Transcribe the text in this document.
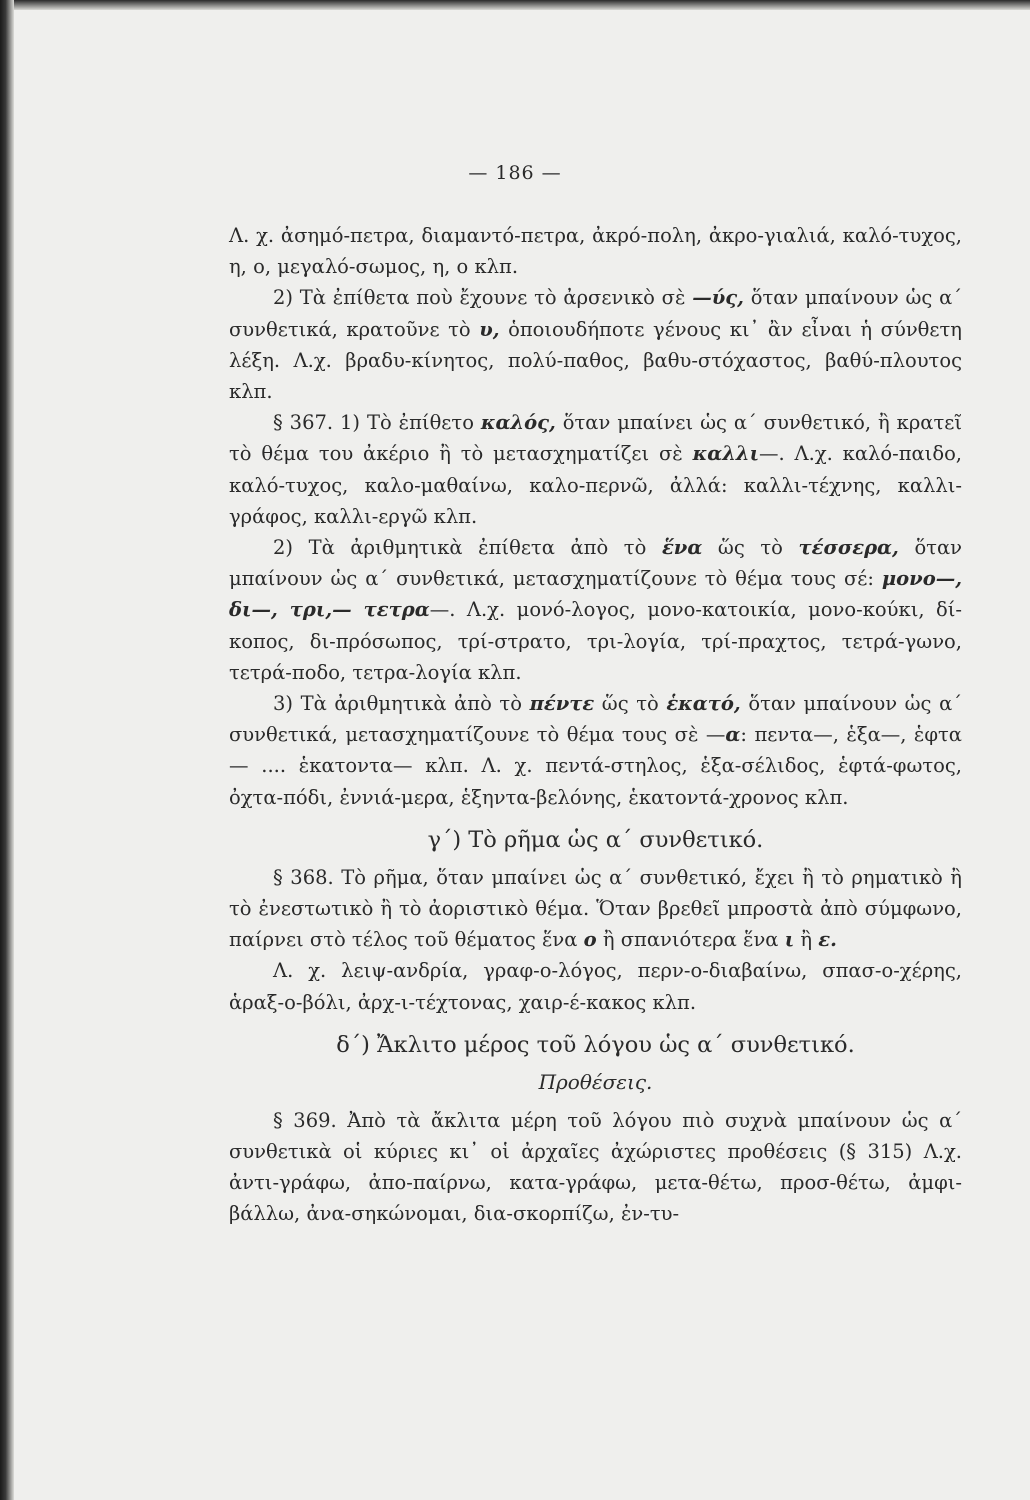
— 186 —

Λ. χ. ἀσημό-πετρα, διαμαντό-πετρα, ἀκρό-πολη, ἀκρο-γιαλιά, καλό-τυχος, η, ο, μεγαλό-σωμος, η, ο κλπ.

2) Τὰ ἐπίθετα ποὺ ἔχουνε τὸ ἀρσενικὸ σὲ —ύς, ὅταν μπαίνουν ὡς α΄ συνθετικά, κρατοῦνε τὸ υ, ὁποιουδήποτε γένους κι᾿ ἂν εἶναι ἡ σύνθετη λέξη. Λ.χ. βραδυ-κίνητος, πολύ-παθος, βαθυ-στόχαστος, βαθύ-πλουτος κλπ.

§ 367. 1) Τὸ ἐπίθετο καλός, ὅταν μπαίνει ὡς α΄ συνθετικό, ἢ κρατεῖ τὸ θέμα του ἀκέριο ἢ τὸ μετασχηματίζει σὲ καλλι—. Λ.χ. καλό-παιδο, καλό-τυχος, καλο-μαθαίνω, καλο-περνῶ, ἀλλά: καλλι-τέχνης, καλλι-γράφος, καλλι-εργῶ κλπ.

2) Τὰ ἀριθμητικὰ ἐπίθετα ἀπὸ τὸ ἕνα ὥς τὸ τέσσερα, ὅταν μπαίνουν ὡς α΄ συνθετικά, μετασχηματίζουνε τὸ θέμα τους σέ: μονο—, δι—, τρι,— τετρα—. Λ.χ. μονό-λογος, μονο-κατοικία, μονο-κούκι, δί-κοπος, δι-πρόσωπος, τρί-στρατο, τρι-λογία, τρί-πραχτος, τετρά-γωνο, τετρά-ποδο, τετρα-λογία κλπ.

3) Τὰ ἀριθμητικὰ ἀπὸ τὸ πέντε ὥς τὸ ἑκατό, ὅταν μπαίνουν ὡς α΄ συνθετικά, μετασχηματίζουνε τὸ θέμα τους σὲ —α: πεντα—, ἑξα—, ἑφτα— .... ἑκατοντα— κλπ. Λ. χ. πεντά-στηλος, ἑξα-σέλιδος, ἑφτά-φωτος, ὀχτα-πόδι, ἐννιά-μερα, ἑξηντα-βελόνης, ἑκατοντά-χρονος κλπ.

γ΄) Τὸ ρῆμα ὡς α΄ συνθετικό.

§ 368. Τὸ ρῆμα, ὅταν μπαίνει ὡς α΄ συνθετικό, ἔχει ἢ τὸ ρηματικὸ ἢ τὸ ἐνεστωτικὸ ἢ τὸ ἀοριστικὸ θέμα. Ὅταν βρεθεῖ μπροστὰ ἀπὸ σύμφωνο, παίρνει στὸ τέλος τοῦ θέματος ἕνα ο ἢ σπανιότερα ἕνα ι ἢ ε.

Λ. χ. λειψ-ανδρία, γραφ-ο-λόγος, περν-ο-διαβαίνω, σπασ-ο-χέρης, ἁραξ-ο-βόλι, ἀρχ-ι-τέχτονας, χαιρ-έ-κακος κλπ.

δ΄) Ἄκλιτο μέρος τοῦ λόγου ὡς α΄ συνθετικό.
Προθέσεις.

§ 369. Ἀπὸ τὰ ἄκλιτα μέρη τοῦ λόγου πιὸ συχνὰ μπαίνουν ὡς α΄ συνθετικὰ οἱ κύριες κι᾿ οἱ ἀρχαῖες ἀχώριστες προθέσεις (§ 315) Λ.χ. ἀντι-γράφω, ἀπο-παίρνω, κατα-γράφω, μετα-θέτω, προσ-θέτω, ἀμφι-βάλλω, ἀνα-σηκώνομαι, δια-σκορπίζω, ἐν-τυ-
